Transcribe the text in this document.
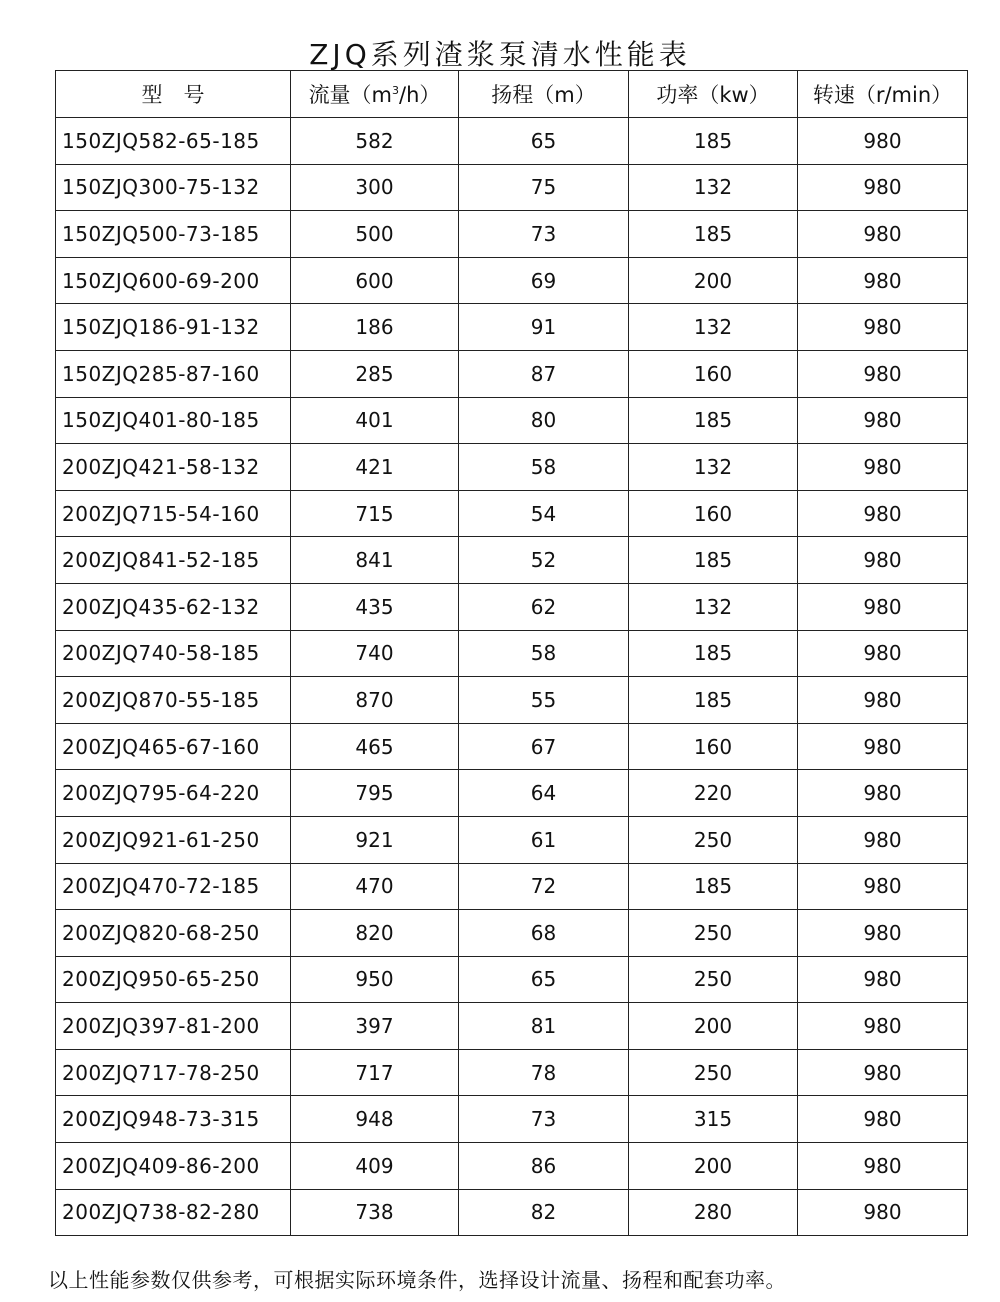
ZJQ系列渣浆泵清水性能表
型　号	流量$(m^3/h)$	扬程（m）	功率（kw）	转速（r/min）
150ZJQ582-65-185	582	65	185	980
150ZJQ300-75-132	300	75	132	980
150ZJQ500-73-185	500	73	185	980
150ZJQ600-69-200	600	69	200	980
150ZJQ186-91-132	186	91	132	980
150ZJQ285-87-160	285	87	160	980
150ZJQ401-80-185	401	80	185	980
200ZJQ421-58-132	421	58	132	980
200ZJQ715-54-160	715	54	160	980
200ZJQ841-52-185	841	52	185	980
200ZJQ435-62-132	435	62	132	980
200ZJQ740-58-185	740	58	185	980
200ZJQ870-55-185	870	55	185	980
200ZJQ465-67-160	465	67	160	980
200ZJQ795-64-220	795	64	220	980
200ZJQ921-61-250	921	61	250	980
200ZJQ470-72-185	470	72	185	980
200ZJQ820-68-250	820	68	250	980
200ZJQ950-65-250	950	65	250	980
200ZJQ397-81-200	397	81	200	980
200ZJQ717-78-250	717	78	250	980
200ZJQ948-73-315	948	73	315	980
200ZJQ409-86-200	409	86	200	980
200ZJQ738-82-280	738	82	280	980
以上性能参数仅供参考，可根据实际环境条件，选择设计流量、扬程和配套功率。
